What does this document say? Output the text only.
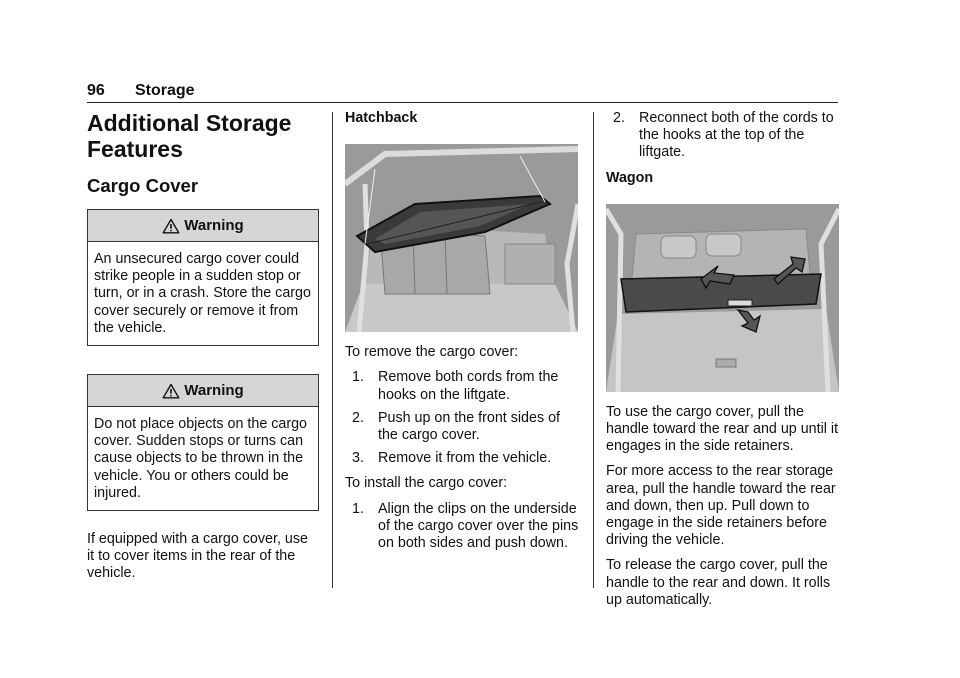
96 Storage
Additional Storage Features
Cargo Cover
Warning
An unsecured cargo cover could strike people in a sudden stop or turn, or in a crash. Store the cargo cover securely or remove it from the vehicle.
Warning
Do not place objects on the cargo cover. Sudden stops or turns can cause objects to be thrown in the vehicle. You or others could be injured.

If equipped with a cargo cover, use it to cover items in the rear of the vehicle.

Hatchback

To remove the cargo cover:

1. Remove both cords from the hooks on the liftgate.
2. Push up on the front sides of the cargo cover.
3. Remove it from the vehicle.

To install the cargo cover:

1. Align the clips on the underside of the cargo cover over the pins on both sides and push down.
2. Reconnect both of the cords to the hooks at the top of the liftgate.

Wagon

To use the cargo cover, pull the handle toward the rear and up until it engages in the side retainers.

For more access to the rear storage area, pull the handle toward the rear and down, then up. Pull down to engage in the side retainers before driving the vehicle.

To release the cargo cover, pull the handle to the rear and down. It rolls up automatically.
